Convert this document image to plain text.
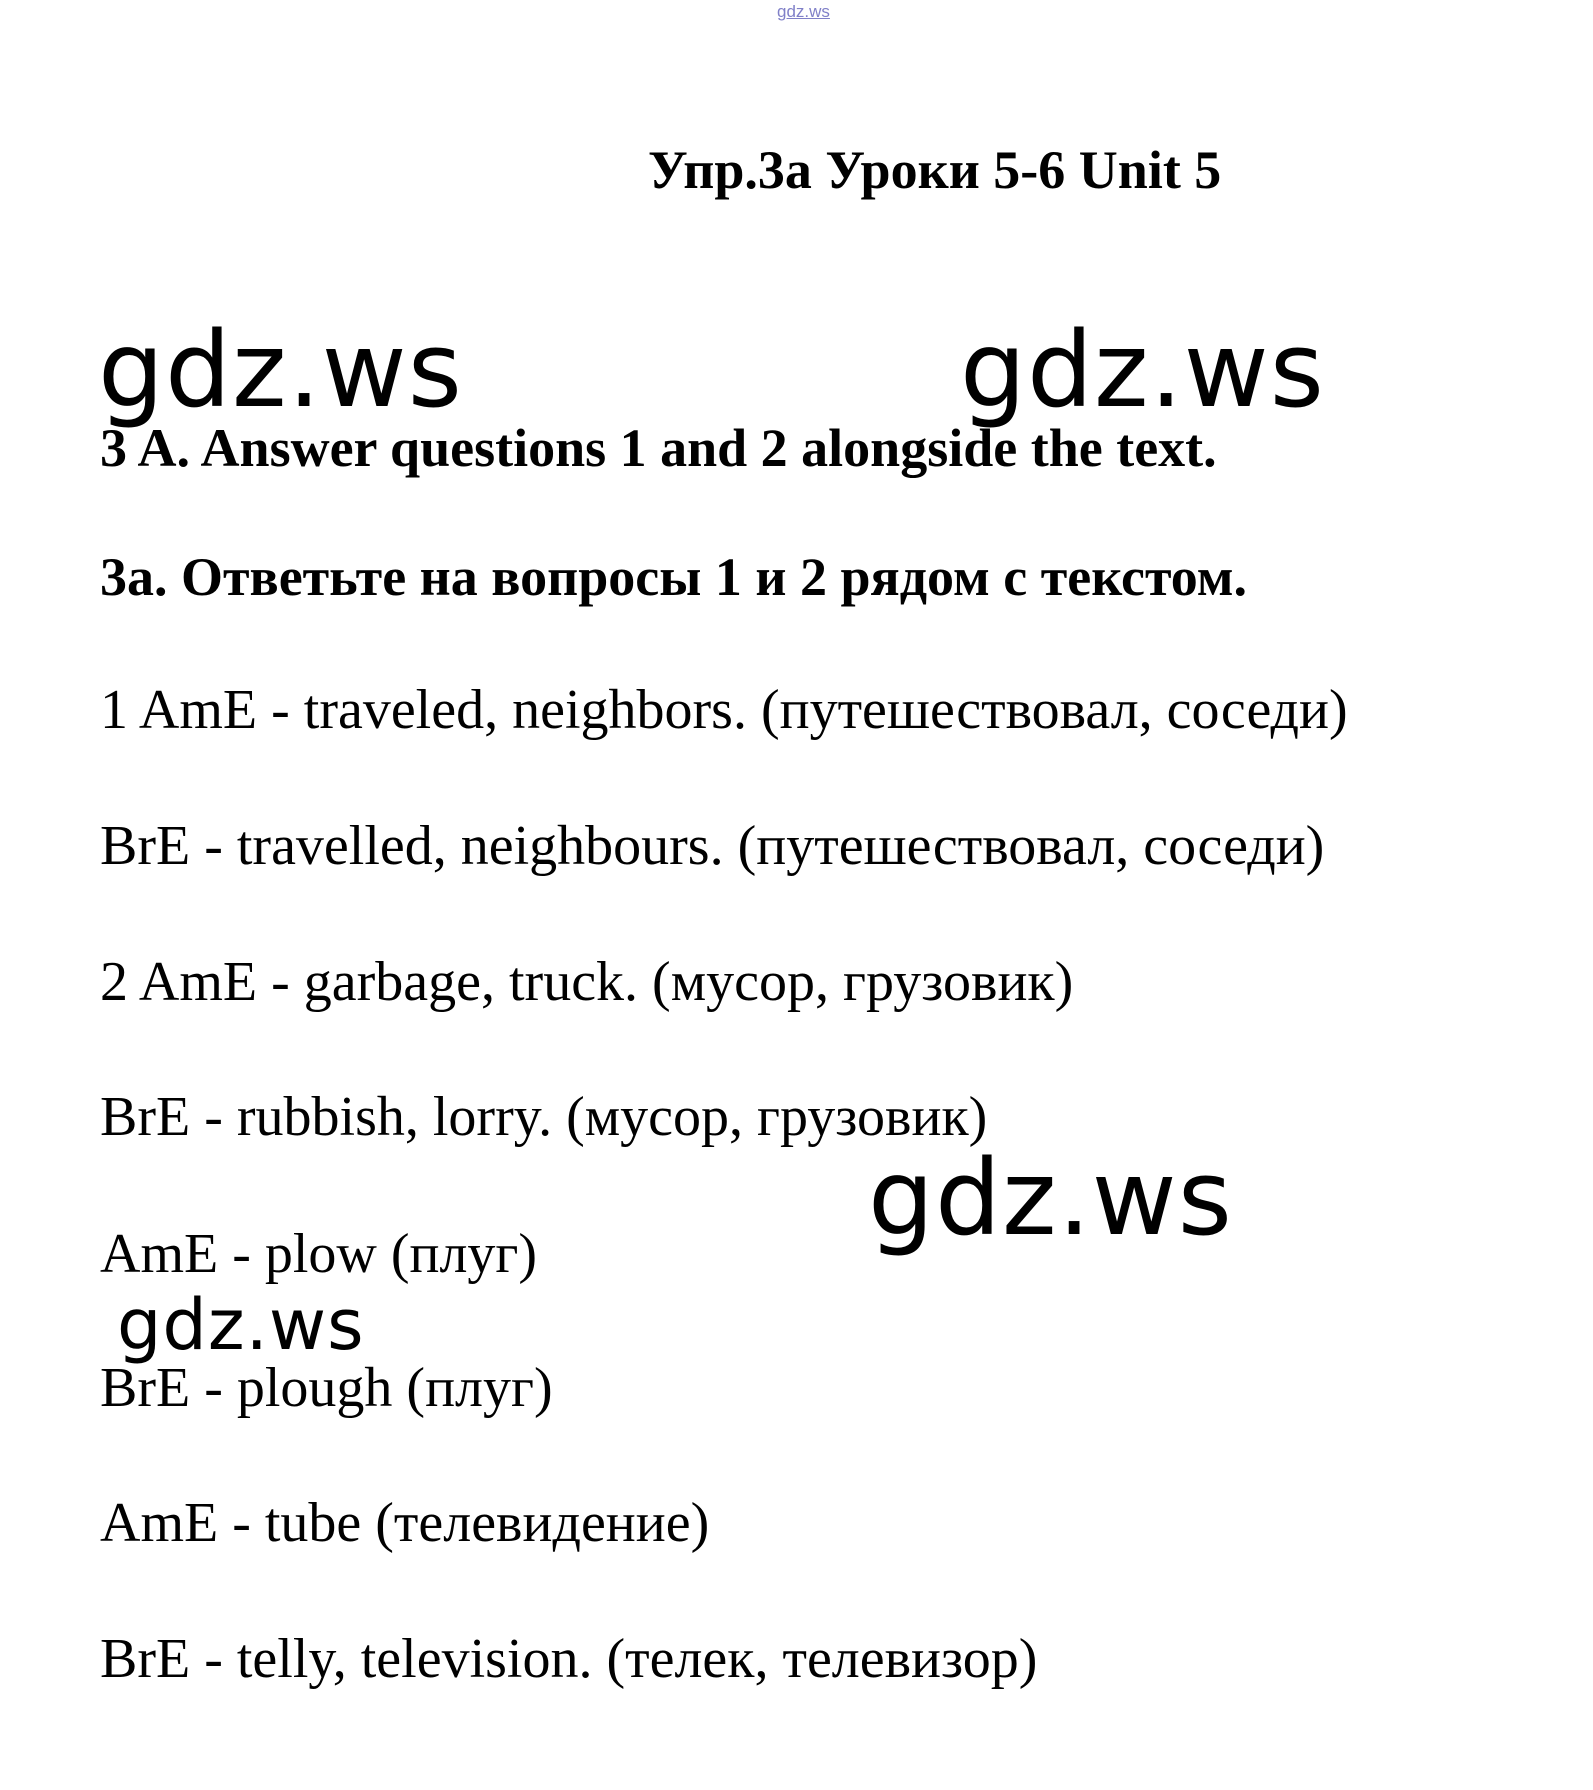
gdz.ws
Упр.3а Уроки 5-6 Unit 5
gdz.ws	gdz.ws
3 A. Answer questions 1 and 2 alongside the text.
3а. Ответьте на вопросы 1 и 2 рядом с текстом.
1 AmE - traveled, neighbors. (путешествовал, соседи)
BrE - travelled, neighbours. (путешествовал, соседи)
2 AmE - garbage, truck. (мусор, грузовик)
BrE - rubbish, lorry. (мусор, грузовик)
gdz.ws
AmE - plow (плуг)
gdz.ws
BrE - plough (плуг)
AmE - tube (телевидение)
BrE - telly, television. (телек, телевизор)
